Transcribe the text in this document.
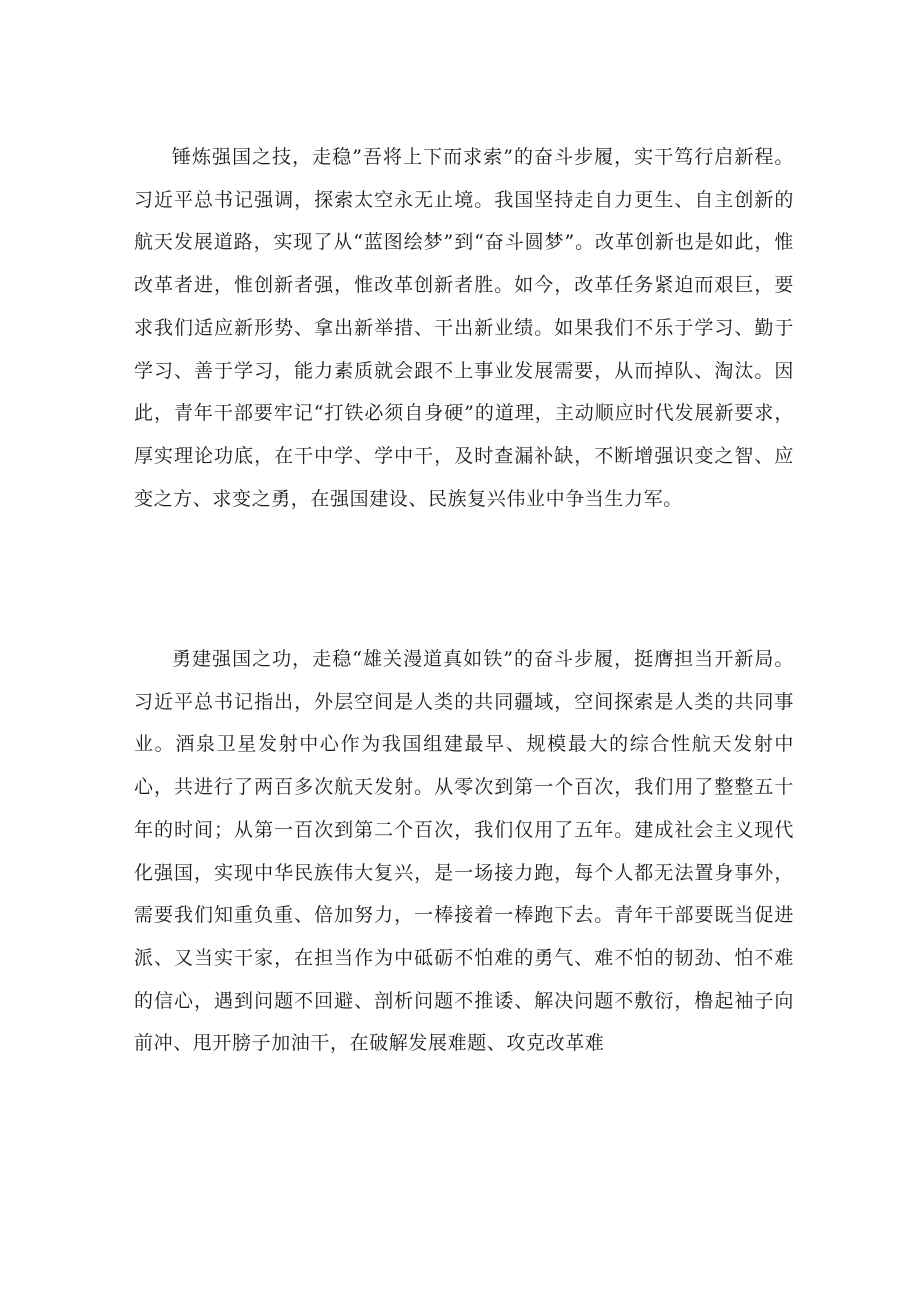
锤炼强国之技，走稳”吾将上下而求索”的奋斗步履，实干笃行启新程。习近平总书记强调，探索太空永无止境。我国坚持走自力更生、自主创新的航天发展道路，实现了从“蓝图绘梦”到“奋斗圆梦”。改革创新也是如此，惟改革者进，惟创新者强，惟改革创新者胜。如今，改革任务紧迫而艰巨，要求我们适应新形势、拿出新举措、干出新业绩。如果我们不乐于学习、勤于学习、善于学习，能力素质就会跟不上事业发展需要，从而掉队、淘汰。因此，青年干部要牢记“打铁必须自身硬”的道理，主动顺应时代发展新要求，厚实理论功底，在干中学、学中干，及时查漏补缺，不断增强识变之智、应变之方、求变之勇，在强国建设、民族复兴伟业中争当生力军。

勇建强国之功，走稳“雄关漫道真如铁”的奋斗步履，挺膺担当开新局。习近平总书记指出，外层空间是人类的共同疆域，空间探索是人类的共同事业。酒泉卫星发射中心作为我国组建最早、规模最大的综合性航天发射中心，共进行了两百多次航天发射。从零次到第一个百次，我们用了整整五十年的时间；从第一百次到第二个百次，我们仅用了五年。建成社会主义现代化强国，实现中华民族伟大复兴，是一场接力跑，每个人都无法置身事外，需要我们知重负重、倍加努力，一棒接着一棒跑下去。青年干部要既当促进派、又当实干家，在担当作为中砥砺不怕难的勇气、难不怕的韧劲、怕不难的信心，遇到问题不回避、剖析问题不推诿、解决问题不敷衍，橹起袖子向前冲、甩开膀子加油干，在破解发展难题、攻克改革难
